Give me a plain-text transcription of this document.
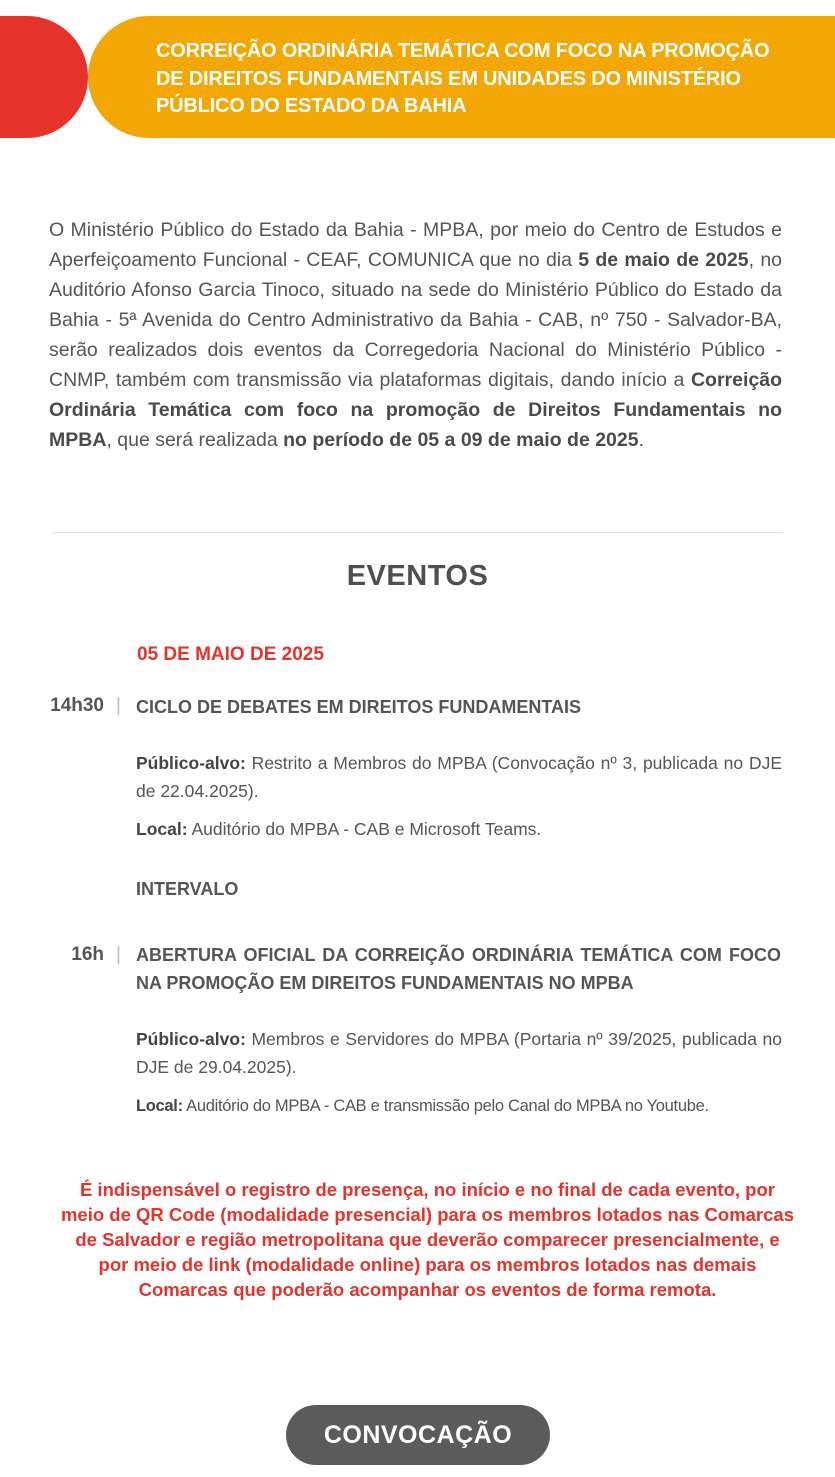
CORREIÇÃO ORDINÁRIA TEMÁTICA COM FOCO NA PROMOÇÃO DE DIREITOS FUNDAMENTAIS EM UNIDADES DO MINISTÉRIO PÚBLICO DO ESTADO DA BAHIA
O Ministério Público do Estado da Bahia - MPBA, por meio do Centro de Estudos e Aperfeiçoamento Funcional - CEAF, COMUNICA que no dia 5 de maio de 2025, no Auditório Afonso Garcia Tinoco, situado na sede do Ministério Público do Estado da Bahia - 5ª Avenida do Centro Administrativo da Bahia - CAB, nº 750 - Salvador-BA, serão realizados dois eventos da Corregedoria Nacional do Ministério Público - CNMP, também com transmissão via plataformas digitais, dando início a Correição Ordinária Temática com foco na promoção de Direitos Fundamentais no MPBA, que será realizada no período de 05 a 09 de maio de 2025.
EVENTOS
05 DE MAIO DE 2025
14h30 | CICLO DE DEBATES EM DIREITOS FUNDAMENTAIS
Público-alvo: Restrito a Membros do MPBA (Convocação nº 3, publicada no DJE de 22.04.2025).
Local: Auditório do MPBA - CAB e Microsoft Teams.
INTERVALO
16h | ABERTURA OFICIAL DA CORREIÇÃO ORDINÁRIA TEMÁTICA COM FOCO NA PROMOÇÃO EM DIREITOS FUNDAMENTAIS NO MPBA
Público-alvo: Membros e Servidores do MPBA (Portaria nº 39/2025, publicada no DJE de 29.04.2025).
Local: Auditório do MPBA - CAB e transmissão pelo Canal do MPBA no Youtube.
É indispensável o registro de presença, no início e no final de cada evento, por meio de QR Code (modalidade presencial) para os membros lotados nas Comarcas de Salvador e região metropolitana que deverão comparecer presencialmente, e por meio de link (modalidade online) para os membros lotados nas demais Comarcas que poderão acompanhar os eventos de forma remota.
CONVOCAÇÃO
